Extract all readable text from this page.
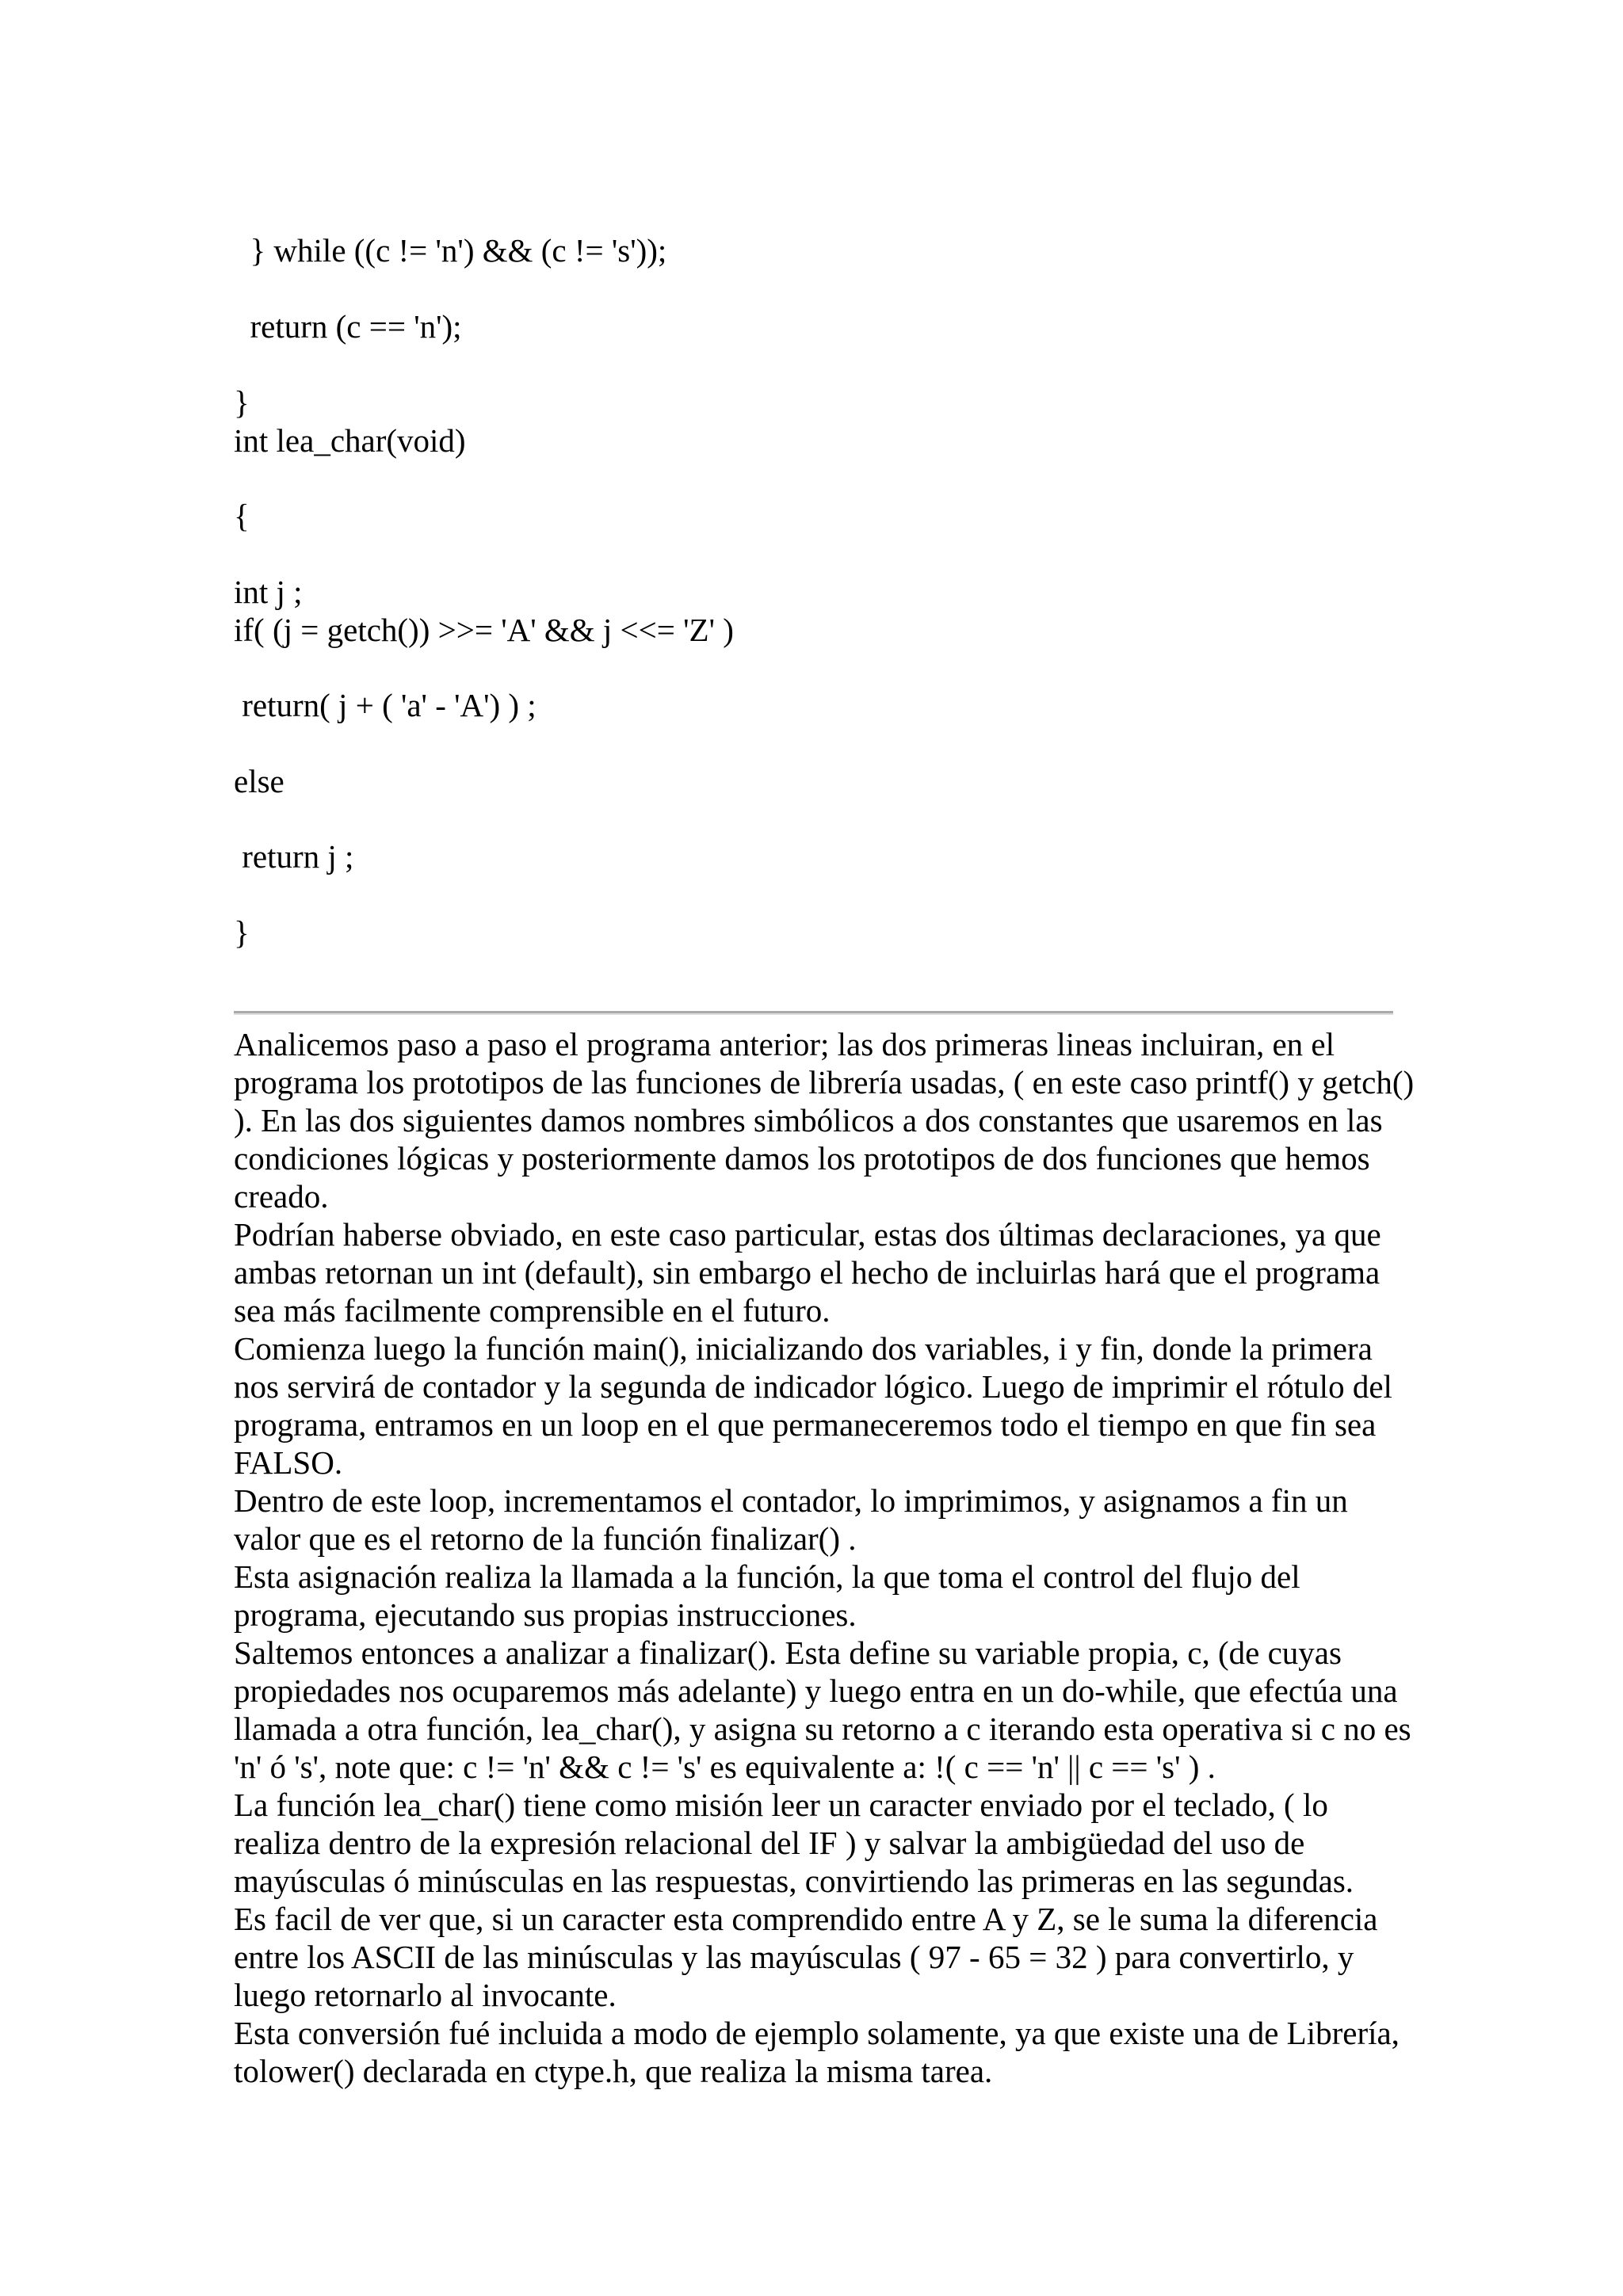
} while ((c != 'n') && (c != 's'));

return (c == 'n');

}

int lea_char(void)

{

int j ;

if( (j = getch()) >>= 'A' && j <<= 'Z' )

return( j + ( 'a' - 'A') ) ;

else

return j ;

}

Analicemos paso a paso el programa anterior; las dos primeras lineas incluiran, en el programa los prototipos de las funciones de librería usadas, ( en este caso printf() y getch() ). En las dos siguientes damos nombres simbólicos a dos constantes que usaremos en las condiciones lógicas y posteriormente damos los prototipos de dos funciones que hemos creado.

Podrían haberse obviado, en este caso particular, estas dos últimas declaraciones, ya que ambas retornan un int (default), sin embargo el hecho de incluirlas hará que el programa sea más facilmente comprensible en el futuro.

Comienza luego la función main(), inicializando dos variables, i y fin, donde la primera nos servirá de contador y la segunda de indicador lógico. Luego de imprimir el rótulo del programa, entramos en un loop en el que permaneceremos todo el tiempo en que fin sea FALSO.

Dentro de este loop, incrementamos el contador, lo imprimimos, y asignamos a fin un valor que es el retorno de la función finalizar() .

Esta asignación realiza la llamada a la función, la que toma el control del flujo del programa, ejecutando sus propias instrucciones.

Saltemos entonces a analizar a finalizar(). Esta define su variable propia, c, (de cuyas propiedades nos ocuparemos más adelante) y luego entra en un do-while, que efectúa una llamada a otra función, lea_char(), y asigna su retorno a c iterando esta operativa si c no es 'n' ó 's', note que: c != 'n' && c != 's' es equivalente a: !( c == 'n' || c == 's' ) .

La función lea_char() tiene como misión leer un caracter enviado por el teclado, ( lo realiza dentro de la expresión relacional del IF ) y salvar la ambigüedad del uso de mayúsculas ó minúsculas en las respuestas, convirtiendo las primeras en las segundas.

Es facil de ver que, si un caracter esta comprendido entre A y Z, se le suma la diferencia entre los ASCII de las minúsculas y las mayúsculas ( 97 - 65 = 32 ) para convertirlo, y luego retornarlo al invocante.

Esta conversión fué incluida a modo de ejemplo solamente, ya que existe una de Librería, tolower() declarada en ctype.h, que realiza la misma tarea.
